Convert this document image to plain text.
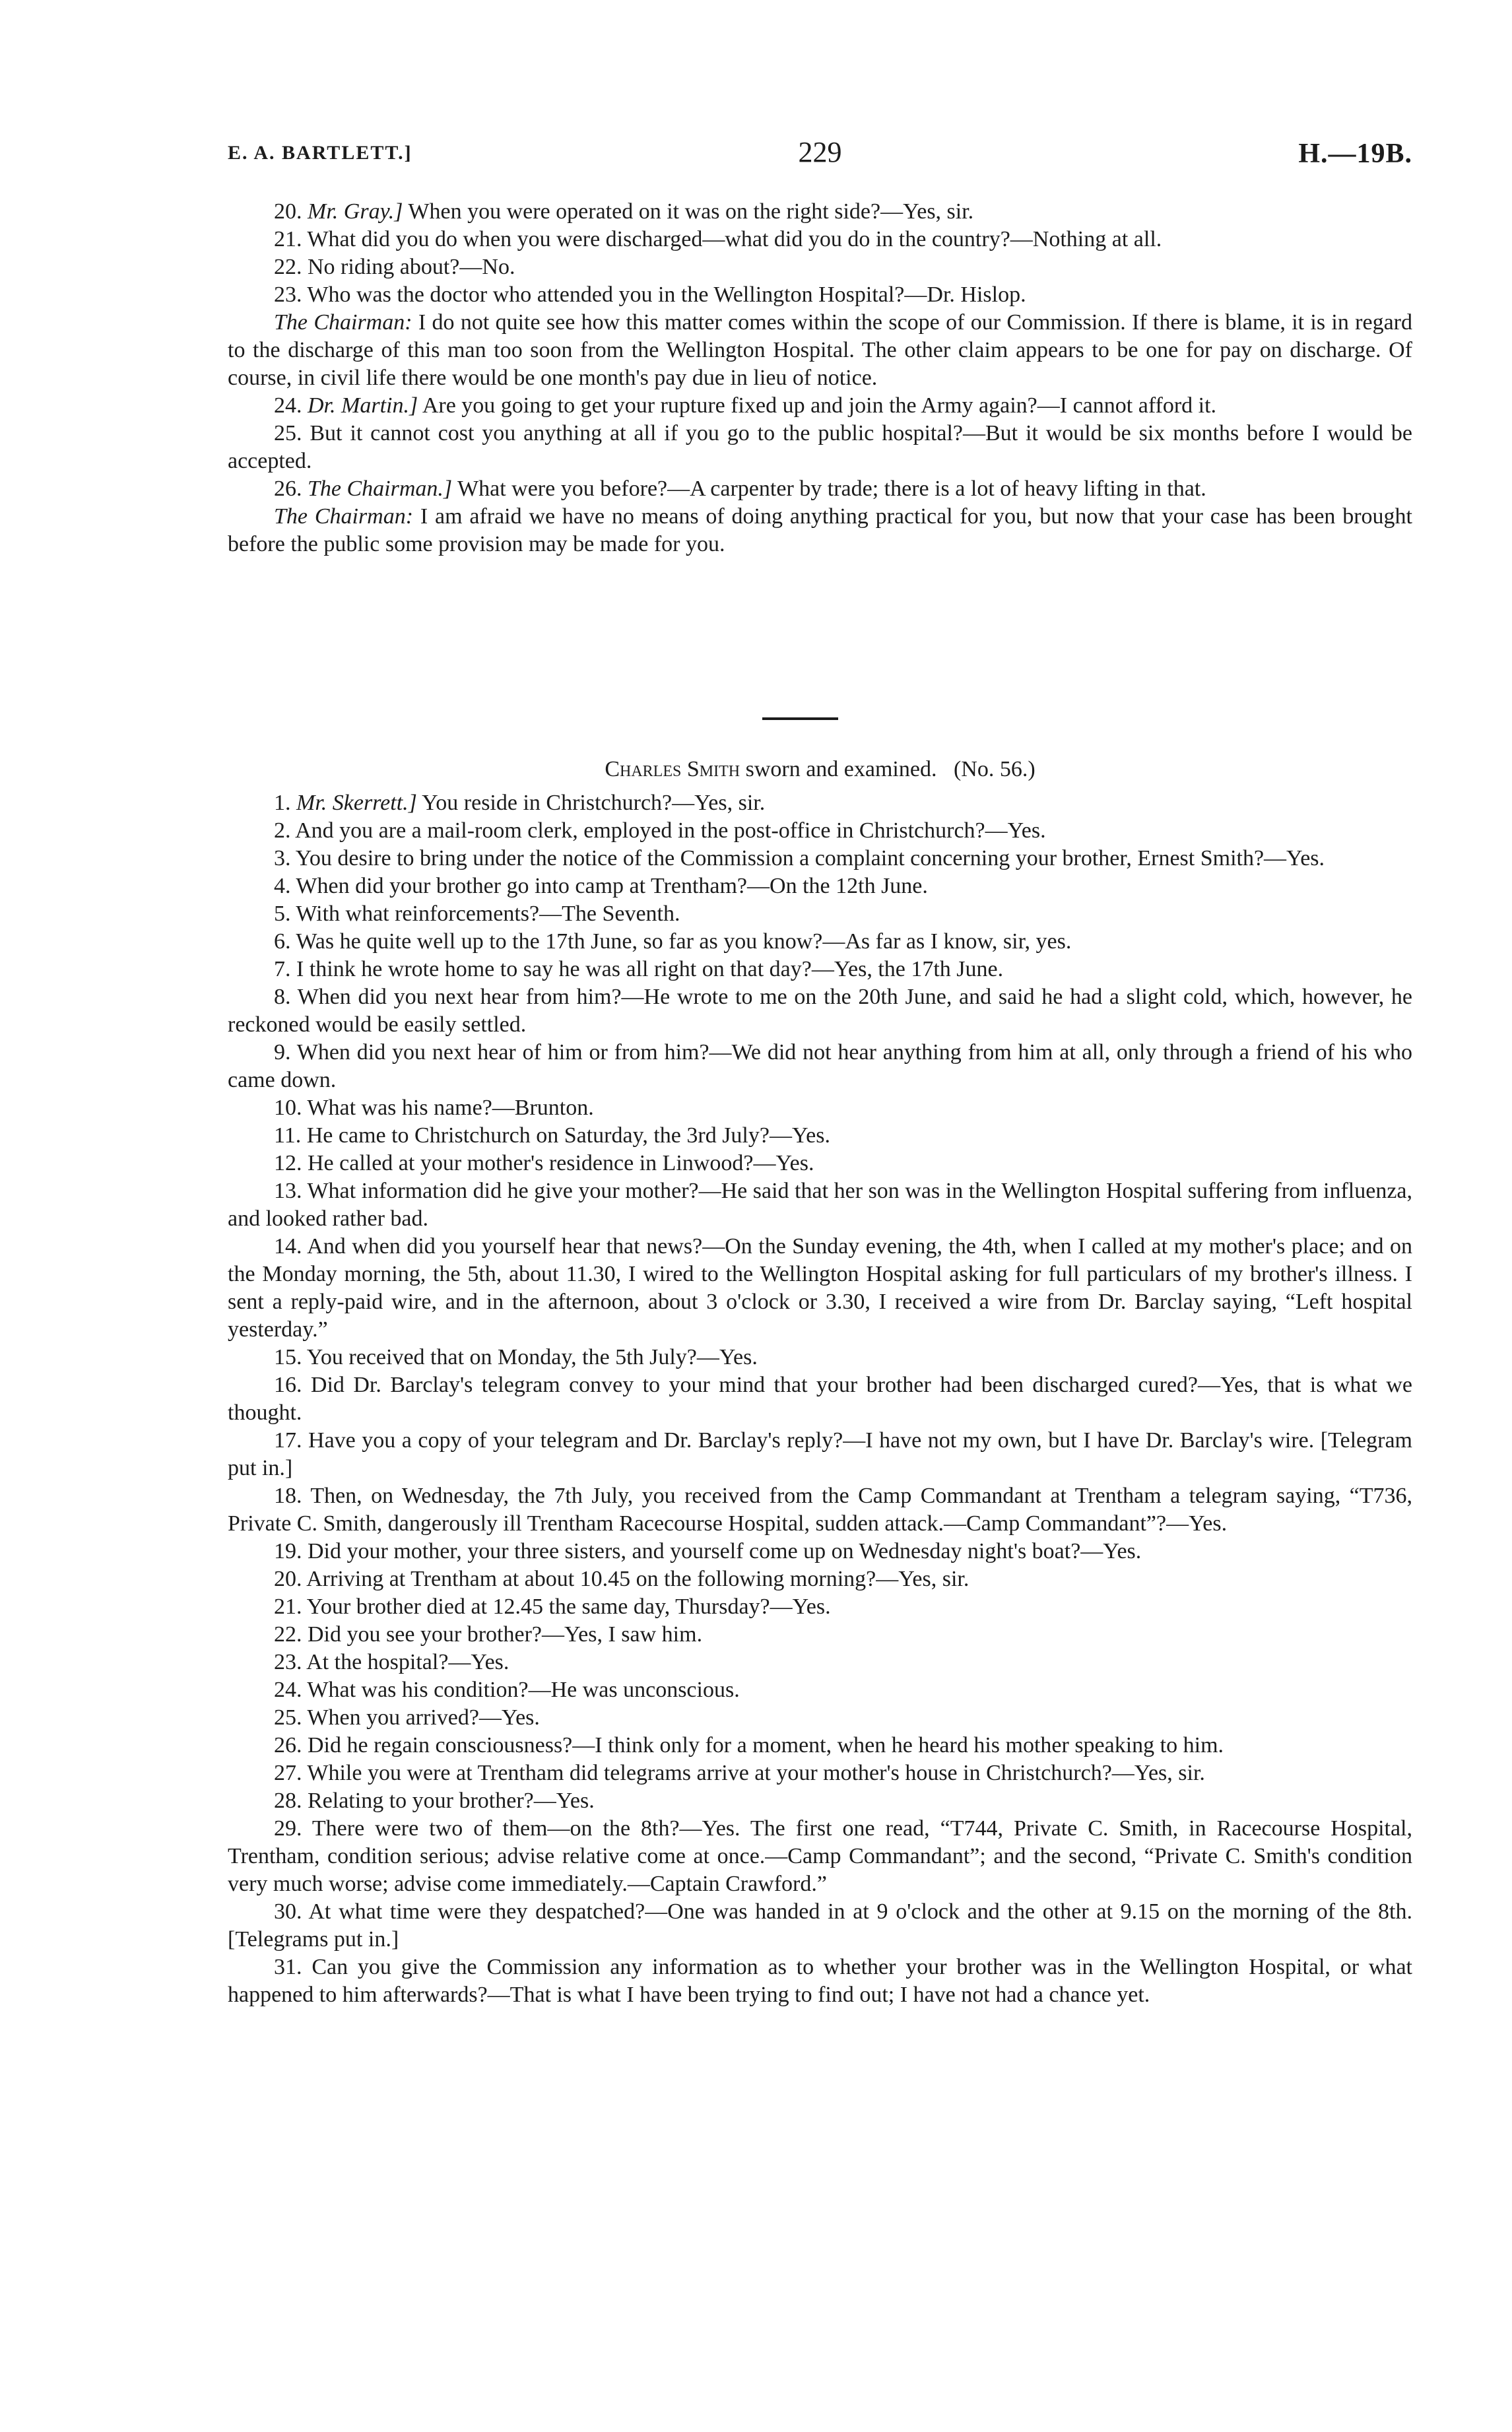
E. A. BARTLETT.]	229	H.—19B.

20. Mr. Gray.] When you were operated on it was on the right side?—Yes, sir.

21. What did you do when you were discharged—what did you do in the country?—Nothing at all.

22. No riding about?—No.

23. Who was the doctor who attended you in the Wellington Hospital?—Dr. Hislop.

The Chairman: I do not quite see how this matter comes within the scope of our Commission. If there is blame, it is in regard to the discharge of this man too soon from the Wellington Hospital. The other claim appears to be one for pay on discharge. Of course, in civil life there would be one month's pay due in lieu of notice.

24. Dr. Martin.] Are you going to get your rupture fixed up and join the Army again?—I cannot afford it.

25. But it cannot cost you anything at all if you go to the public hospital?—But it would be six months before I would be accepted.

26. The Chairman.] What were you before?—A carpenter by trade; there is a lot of heavy lifting in that.

The Chairman: I am afraid we have no means of doing anything practical for you, but now that your case has been brought before the public some provision may be made for you.

Charles Smith sworn and examined. (No. 56.)

1. Mr. Skerrett.] You reside in Christchurch?—Yes, sir.

2. And you are a mail-room clerk, employed in the post-office in Christchurch?—Yes.

3. You desire to bring under the notice of the Commission a complaint concerning your brother, Ernest Smith?—Yes.

4. When did your brother go into camp at Trentham?—On the 12th June.

5. With what reinforcements?—The Seventh.

6. Was he quite well up to the 17th June, so far as you know?—As far as I know, sir, yes.

7. I think he wrote home to say he was all right on that day?—Yes, the 17th June.

8. When did you next hear from him?—He wrote to me on the 20th June, and said he had a slight cold, which, however, he reckoned would be easily settled.

9. When did you next hear of him or from him?—We did not hear anything from him at all, only through a friend of his who came down.

10. What was his name?—Brunton.

11. He came to Christchurch on Saturday, the 3rd July?—Yes.

12. He called at your mother's residence in Linwood?—Yes.

13. What information did he give your mother?—He said that her son was in the Wellington Hospital suffering from influenza, and looked rather bad.

14. And when did you yourself hear that news?—On the Sunday evening, the 4th, when I called at my mother's place; and on the Monday morning, the 5th, about 11.30, I wired to the Wellington Hospital asking for full particulars of my brother's illness. I sent a reply-paid wire, and in the afternoon, about 3 o'clock or 3.30, I received a wire from Dr. Barclay saying, “Left hospital yesterday.”

15. You received that on Monday, the 5th July?—Yes.

16. Did Dr. Barclay's telegram convey to your mind that your brother had been discharged cured?—Yes, that is what we thought.

17. Have you a copy of your telegram and Dr. Barclay's reply?—I have not my own, but I have Dr. Barclay's wire. [Telegram put in.]

18. Then, on Wednesday, the 7th July, you received from the Camp Commandant at Trentham a telegram saying, “T736, Private C. Smith, dangerously ill Trentham Racecourse Hospital, sudden attack.—Camp Commandant”?—Yes.

19. Did your mother, your three sisters, and yourself come up on Wednesday night's boat?—Yes.

20. Arriving at Trentham at about 10.45 on the following morning?—Yes, sir.

21. Your brother died at 12.45 the same day, Thursday?—Yes.

22. Did you see your brother?—Yes, I saw him.

23. At the hospital?—Yes.

24. What was his condition?—He was unconscious.

25. When you arrived?—Yes.

26. Did he regain consciousness?—I think only for a moment, when he heard his mother speaking to him.

27. While you were at Trentham did telegrams arrive at your mother's house in Christchurch?—Yes, sir.

28. Relating to your brother?—Yes.

29. There were two of them—on the 8th?—Yes. The first one read, “T744, Private C. Smith, in Racecourse Hospital, Trentham, condition serious; advise relative come at once.—Camp Commandant”; and the second, “Private C. Smith's condition very much worse; advise come immediately.—Captain Crawford.”

30. At what time were they despatched?—One was handed in at 9 o'clock and the other at 9.15 on the morning of the 8th. [Telegrams put in.]

31. Can you give the Commission any information as to whether your brother was in the Wellington Hospital, or what happened to him afterwards?—That is what I have been trying to find out; I have not had a chance yet.
